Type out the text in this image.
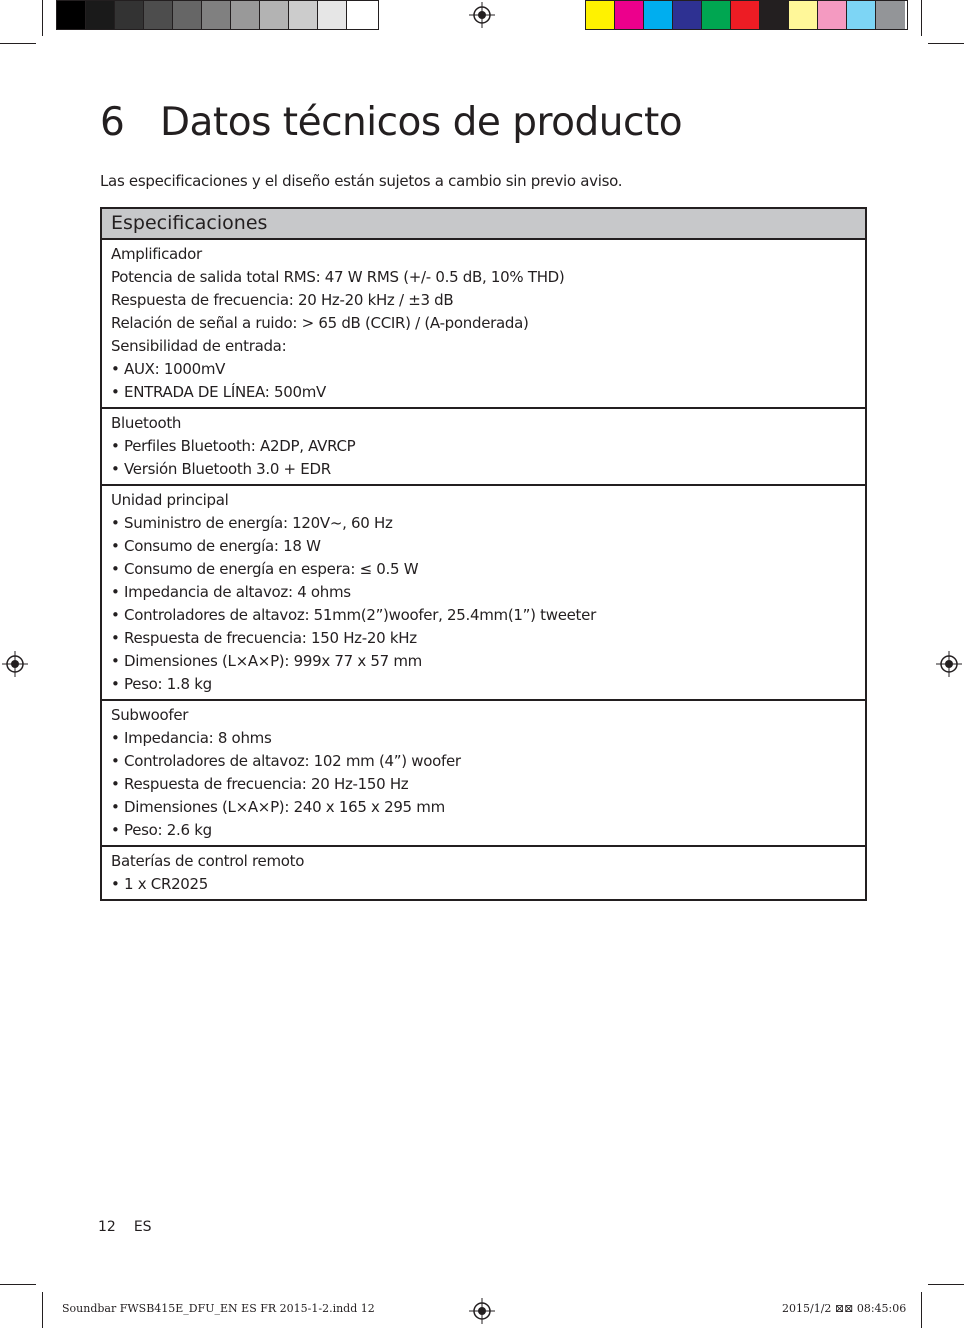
6 Datos técnicos de producto
Las especificaciones y el diseño están sujetos a cambio sin previo aviso.
Especificaciones
Amplificador
Potencia de salida total RMS: 47 W RMS (+/- 0.5 dB, 10% THD)
Respuesta de frecuencia: 20 Hz-20 kHz / ±3 dB
Relación de señal a ruido: > 65 dB (CCIR) / (A-ponderada)
Sensibilidad de entrada:
• AUX: 1000mV
• ENTRADA DE LÍNEA: 500mV
Bluetooth
• Perfiles Bluetooth: A2DP, AVRCP
• Versión Bluetooth 3.0 + EDR
Unidad principal
• Suministro de energía: 120V~, 60 Hz
• Consumo de energía: 18 W
• Consumo de energía en espera: ≤ 0.5 W
• Impedancia de altavoz: 4 ohms
• Controladores de altavoz: 51mm(2”)woofer, 25.4mm(1”) tweeter
• Respuesta de frecuencia: 150 Hz-20 kHz
• Dimensiones (L×A×P): 999x 77 x 57 mm
• Peso: 1.8 kg
Subwoofer
• Impedancia: 8 ohms
• Controladores de altavoz: 102 mm (4”) woofer
• Respuesta de frecuencia: 20 Hz-150 Hz
• Dimensiones (L×A×P): 240 x 165 x 295 mm
• Peso: 2.6 kg
Baterías de control remoto
• 1 x CR2025
12 ES
Soundbar FWSB415E_DFU_EN ES FR 2015-1-2.indd 12	2015/1/2 ⊠⊠ 08:45:06
